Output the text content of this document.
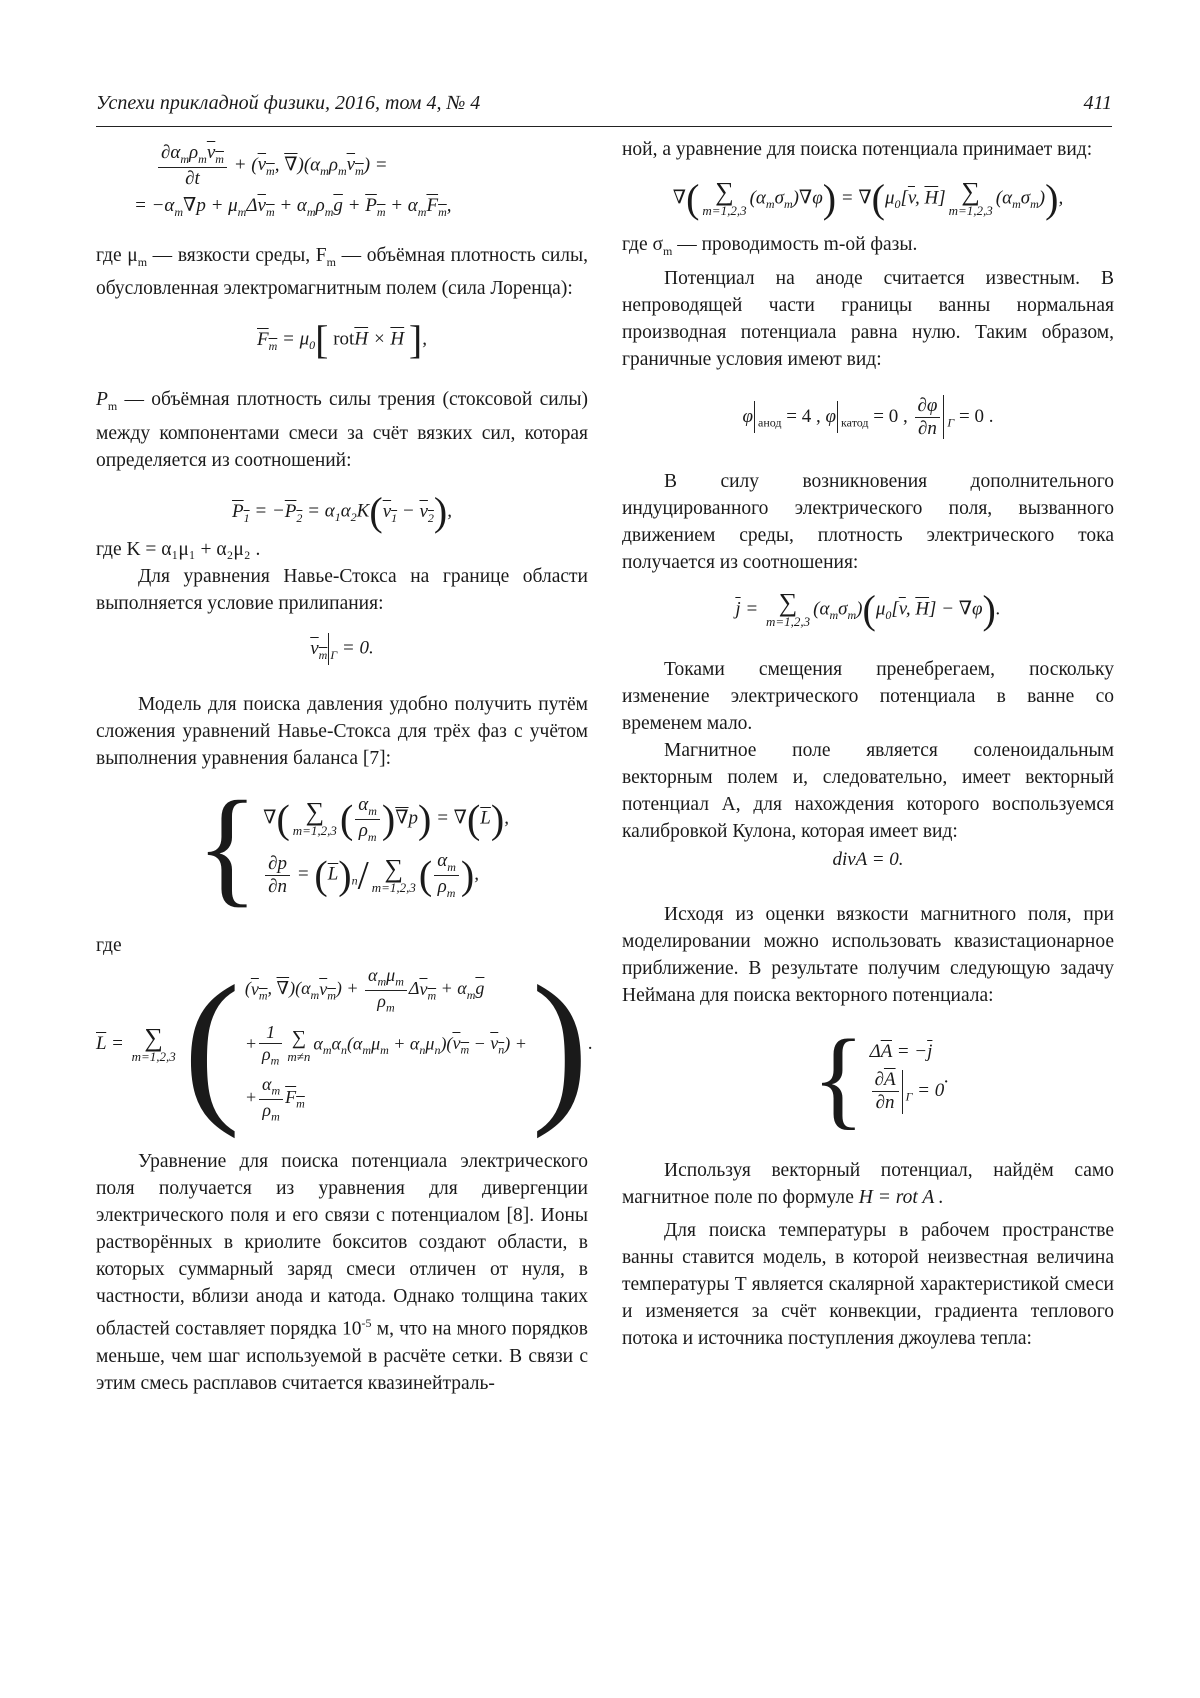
Успехи прикладной физики, 2016, том 4, № 4	411
$\frac{\partial\alpha_m\rho_mv_m}{\partial t} + (v_m$, $\nabla)(\alpha_m\rho_mv_m)$ =
= $-\alpha_m\nabla p + \mu_m\Delta v_m + \alpha_m\rho_m\overline{g} + P_m + \alpha_mF_m$,

где $\mu_m$ — вязкости среды, $F_m$ — объёмная плотность силы, обусловленная электромагнитным полем (сила Лоренца):

$F_m = \mu_0$[ $rot\overline{H} \times \overline{H}$ ],

$P_m$ — объёмная плотность силы трения (стоксовой силы) между компонентами смеси за счёт вязких сил, которая определяется из соотношений:

$P_1 = -P_2 = \alpha_1\alpha_2K(v_1 - v_2)$,

где K = α₁μ₁ + α₂μ₂ .

Для уравнения Навье-Стокса на границе области выполняется условие прилипания:

$v_m$ $_\Gamma$ = 0.

Модель для поиска давления удобно получить путём сложения уравнений Навье-Стокса для трёх фаз с учётом выполнения уравнения баланса [7]:

{ ∇( ∑
m=1,2,3 ( $\frac{\alpha_m}{\rho_m} )\nabla p) = \nabla(\overline{L})$,
$\frac{\partial p}{\partial n} = (\overline{L})_n/$ ∑
m=1,2,3 ( $\frac{\alpha_m}{\rho_m}$ ),

где

$\overline{L}$ = ∑
m=1,2,3 ( ($v_m$, $\nabla)(\alpha_mv_m) + \frac{\alpha_m\mu_m}{\rho_m} \Delta v_m + \alpha_m\overline{g}$
+ $\frac{1}{\rho_m}$ ∑
m≠n
$\alpha_m\alpha_n(\alpha_m\mu_m + \alpha_n\mu_n)(v_m - v_n)$ +
+ $\frac{\alpha_m}{\rho_m} F_m$	).

Уравнение для поиска потенциала электрического поля получается из уравнения для дивергенции электрического поля и его связи с потенциалом [8]. Ионы растворённых в криолите бокситов создают области, в которых суммарный заряд смеси отличен от нуля, в частности, вблизи анода и катода. Однако толщина таких областей составляет порядка $10^{-5}$ м, что на много порядков меньше, чем шаг используемой в расчёте сетки. В связи с этим смесь расплавов считается квазинейтраль-

ной, а уравнение для поиска потенциала принимает вид:

∇( ∑
m=1,2,3
$(\alpha_m\sigma_m)\nabla\varphi) = \nabla(\mu_0[\overline{v}$, $\overline{H}$] ∑
m=1,2,3
$(\alpha_m\sigma_m)$),

где $\sigma_m$ — проводимость m-ой фазы.

Потенциал на аноде считается известным. В непроводящей части границы ванны нормальная производная потенциала равна нулю. Таким образом, граничные условия имеют вид:

φ $_{анод}$ = 4 , φ $_{катод}$ = 0 , $\frac{\partial\varphi}{\partial n} _\Gamma = 0$ .

В силу возникновения дополнительного индуцированного электрического поля, вызванного движением среды, плотность электрического тока получается из соотношения:

$\overline{j}$ = ∑
m=1,2,3
$(\alpha_m\sigma_m)(\mu_0[\overline{v}$, $\overline{H}] - \nabla\varphi$).

Токами смещения пренебрегаем, поскольку изменение электрического потенциала в ванне со временем мало.

Магнитное поле является соленоидальным векторным полем и, следовательно, имеет векторный потенциал A, для нахождения которого воспользуемся калибровкой Кулона, которая имеет вид:

divA = 0.

Исходя из оценки вязкости магнитного поля, при моделировании можно использовать квазистационарное приближение. В результате получим следующую задачу Неймана для поиска векторного потенциала:

{ $\Delta\overline{A} = -\overline{j}$
$\frac{\partial\overline{A}}{\partial n} _\Gamma = 0$
.

Используя векторный потенциал, найдём само магнитное поле по формуле H = rot A .

Для поиска температуры в рабочем пространстве ванны ставится модель, в которой неизвестная величина температуры T является скалярной характеристикой смеси и изменяется за счёт конвекции, градиента теплового потока и источника поступления джоулева тепла:
